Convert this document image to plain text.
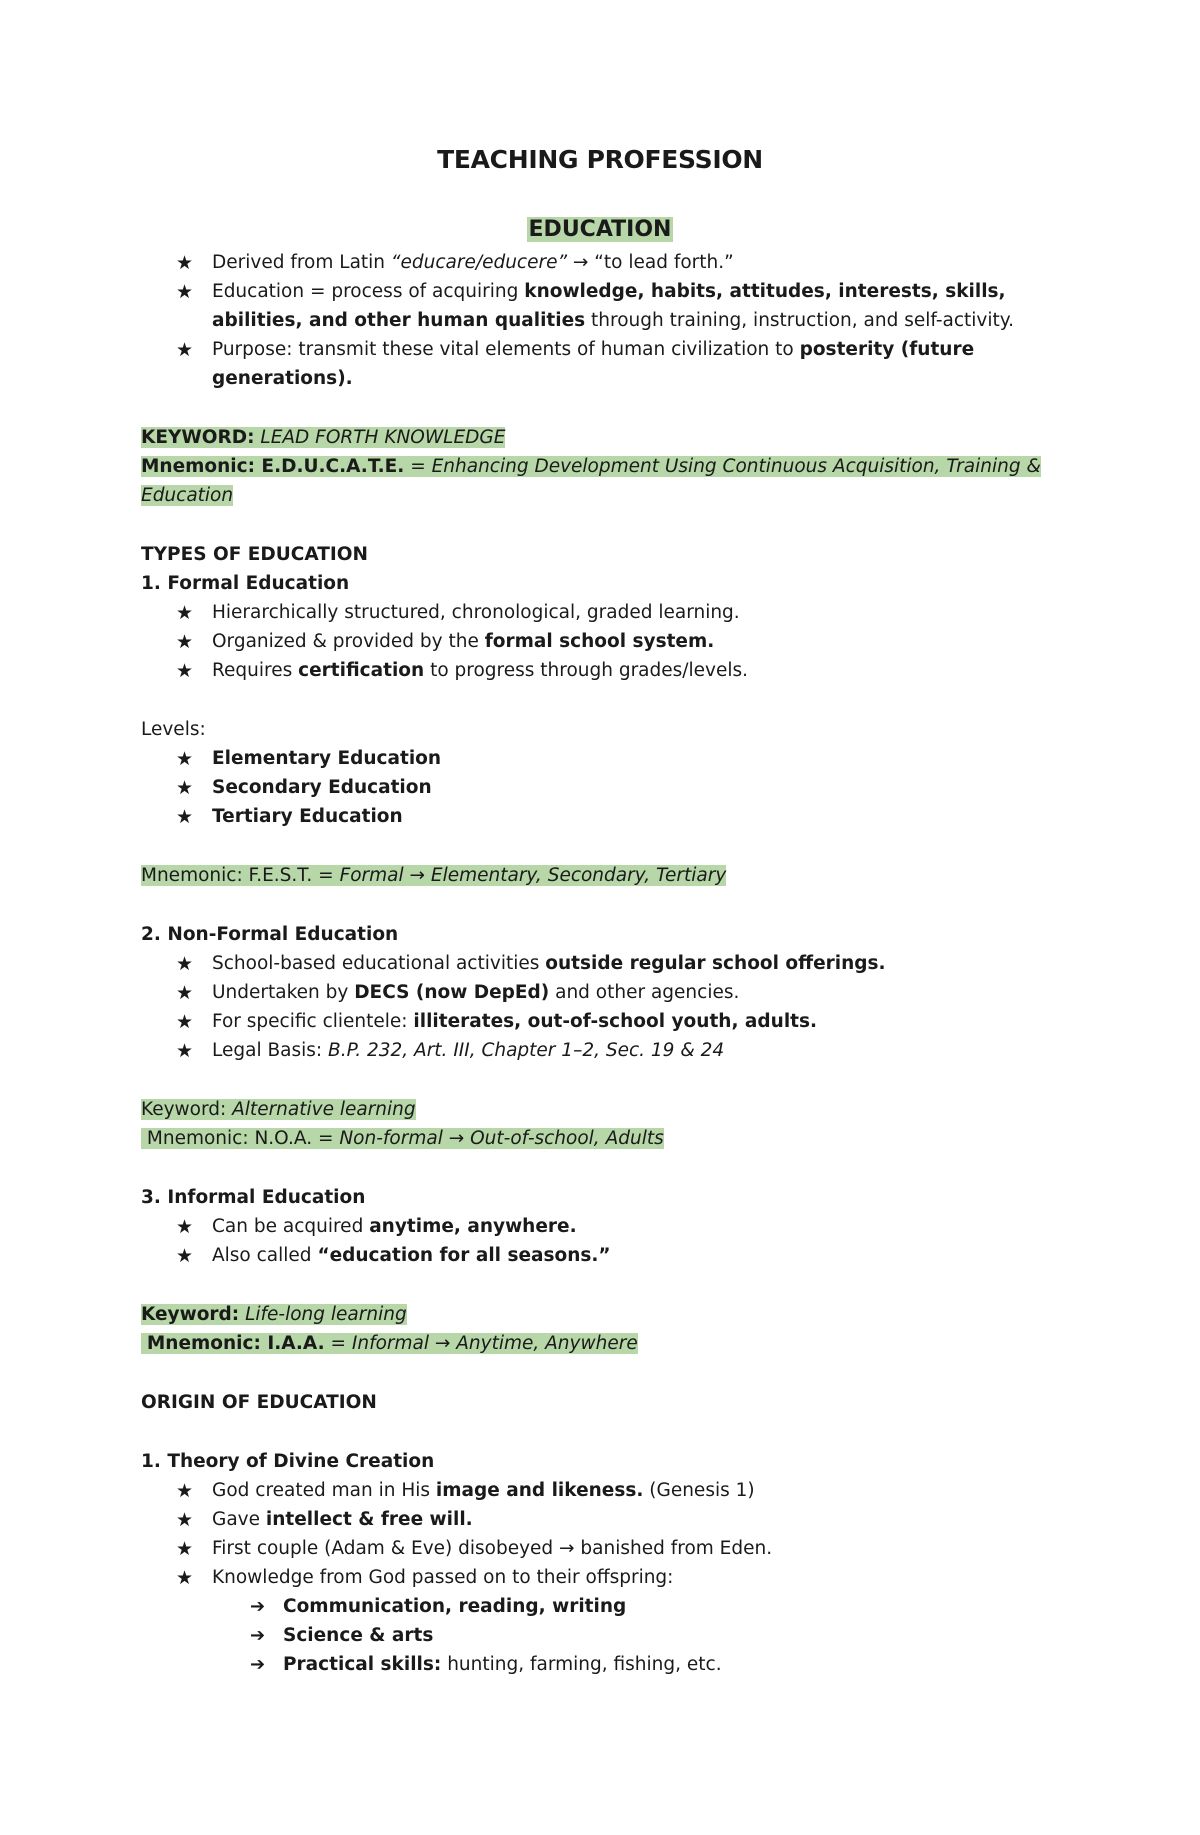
TEACHING PROFESSION
EDUCATION
★ Derived from Latin “educare/educere” → “to lead forth.”
★ Education = process of acquiring knowledge, habits, attitudes, interests, skills,
abilities, and other human qualities through training, instruction, and self-activity.
★ Purpose: transmit these vital elements of human civilization to posterity (future
generations).
KEYWORD: LEAD FORTH KNOWLEDGE
Mnemonic: E.D.U.C.A.T.E. = Enhancing Development Using Continuous Acquisition, Training &
Education
TYPES OF EDUCATION
1. Formal Education
★ Hierarchically structured, chronological, graded learning.
★ Organized & provided by the formal school system.
★ Requires certification to progress through grades/levels.
Levels:
★ Elementary Education
★ Secondary Education
★ Tertiary Education
Mnemonic: F.E.S.T. = Formal → Elementary, Secondary, Tertiary
2. Non-Formal Education
★ School-based educational activities outside regular school offerings.
★ Undertaken by DECS (now DepEd) and other agencies.
★ For specific clientele: illiterates, out-of-school youth, adults.
★ Legal Basis: B.P. 232, Art. III, Chapter 1–2, Sec. 19 & 24
Keyword: Alternative learning
Mnemonic: N.O.A. = Non-formal → Out-of-school, Adults
3. Informal Education
★ Can be acquired anytime, anywhere.
★ Also called “education for all seasons.”
Keyword: Life-long learning
Mnemonic: I.A.A. = Informal → Anytime, Anywhere
ORIGIN OF EDUCATION
1. Theory of Divine Creation
★ God created man in His image and likeness. (Genesis 1)
★ Gave intellect & free will.
★ First couple (Adam & Eve) disobeyed → banished from Eden.
★ Knowledge from God passed on to their offspring:
➔ Communication, reading, writing
➔ Science & arts
➔ Practical skills: hunting, farming, fishing, etc.
